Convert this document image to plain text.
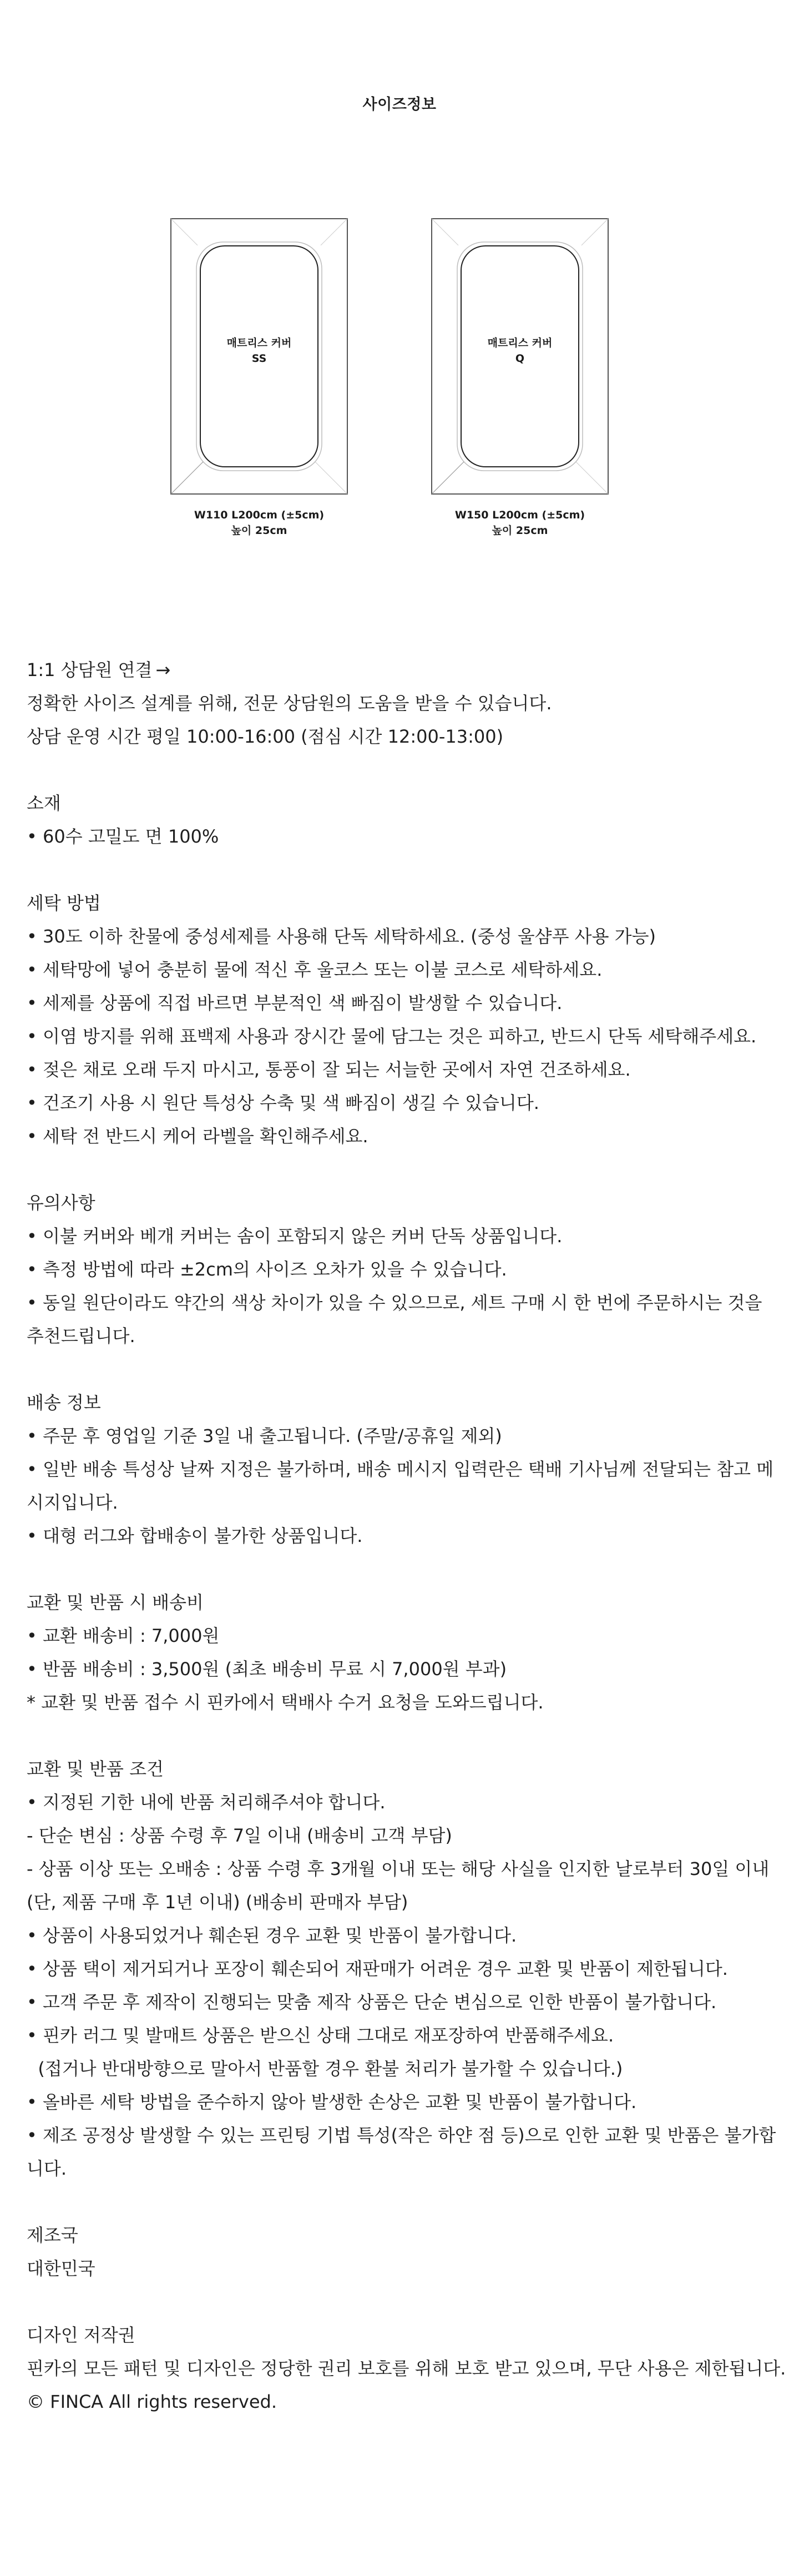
사이즈정보
매트리스 커버
SS
W110 L200cm (±5cm)
높이 25cm
매트리스 커버
Q
W150 L200cm (±5cm)
높이 25cm
1:1 상담원 연결 →
정확한 사이즈 설계를 위해, 전문 상담원의 도움을 받을 수 있습니다.
상담 운영 시간 평일 10:00-16:00 (점심 시간 12:00-13:00)
소재
• 60수 고밀도 면 100%
세탁 방법
• 30도 이하 찬물에 중성세제를 사용해 단독 세탁하세요. (중성 울샴푸 사용 가능)
• 세탁망에 넣어 충분히 물에 적신 후 울코스 또는 이불 코스로 세탁하세요.
• 세제를 상품에 직접 바르면 부분적인 색 빠짐이 발생할 수 있습니다.
• 이염 방지를 위해 표백제 사용과 장시간 물에 담그는 것은 피하고, 반드시 단독 세탁해주세요.
• 젖은 채로 오래 두지 마시고, 통풍이 잘 되는 서늘한 곳에서 자연 건조하세요.
• 건조기 사용 시 원단 특성상 수축 및 색 빠짐이 생길 수 있습니다.
• 세탁 전 반드시 케어 라벨을 확인해주세요.
유의사항
• 이불 커버와 베개 커버는 솜이 포함되지 않은 커버 단독 상품입니다.
• 측정 방법에 따라 ±2cm의 사이즈 오차가 있을 수 있습니다.
• 동일 원단이라도 약간의 색상 차이가 있을 수 있으므로, 세트 구매 시 한 번에 주문하시는 것을 추천드립니다.
배송 정보
• 주문 후 영업일 기준 3일 내 출고됩니다. (주말/공휴일 제외)
• 일반 배송 특성상 날짜 지정은 불가하며, 배송 메시지 입력란은 택배 기사님께 전달되는 참고 메시지입니다.
• 대형 러그와 합배송이 불가한 상품입니다.
교환 및 반품 시 배송비
• 교환 배송비 : 7,000원
• 반품 배송비 : 3,500원 (최초 배송비 무료 시 7,000원 부과)
* 교환 및 반품 접수 시 핀카에서 택배사 수거 요청을 도와드립니다.
교환 및 반품 조건
• 지정된 기한 내에 반품 처리해주셔야 합니다.
- 단순 변심 : 상품 수령 후 7일 이내 (배송비 고객 부담)
- 상품 이상 또는 오배송 : 상품 수령 후 3개월 이내 또는 해당 사실을 인지한 날로부터 30일 이내
(단, 제품 구매 후 1년 이내) (배송비 판매자 부담)
• 상품이 사용되었거나 훼손된 경우 교환 및 반품이 불가합니다.
• 상품 택이 제거되거나 포장이 훼손되어 재판매가 어려운 경우 교환 및 반품이 제한됩니다.
• 고객 주문 후 제작이 진행되는 맞춤 제작 상품은 단순 변심으로 인한 반품이 불가합니다.
• 핀카 러그 및 발매트 상품은 받으신 상태 그대로 재포장하여 반품해주세요.
(접거나 반대방향으로 말아서 반품할 경우 환불 처리가 불가할 수 있습니다.)
• 올바른 세탁 방법을 준수하지 않아 발생한 손상은 교환 및 반품이 불가합니다.
• 제조 공정상 발생할 수 있는 프린팅 기법 특성(작은 하얀 점 등)으로 인한 교환 및 반품은 불가합니다.
제조국
대한민국
디자인 저작권
핀카의 모든 패턴 및 디자인은 정당한 권리 보호를 위해 보호 받고 있으며, 무단 사용은 제한됩니다.
© FINCA All rights reserved.
